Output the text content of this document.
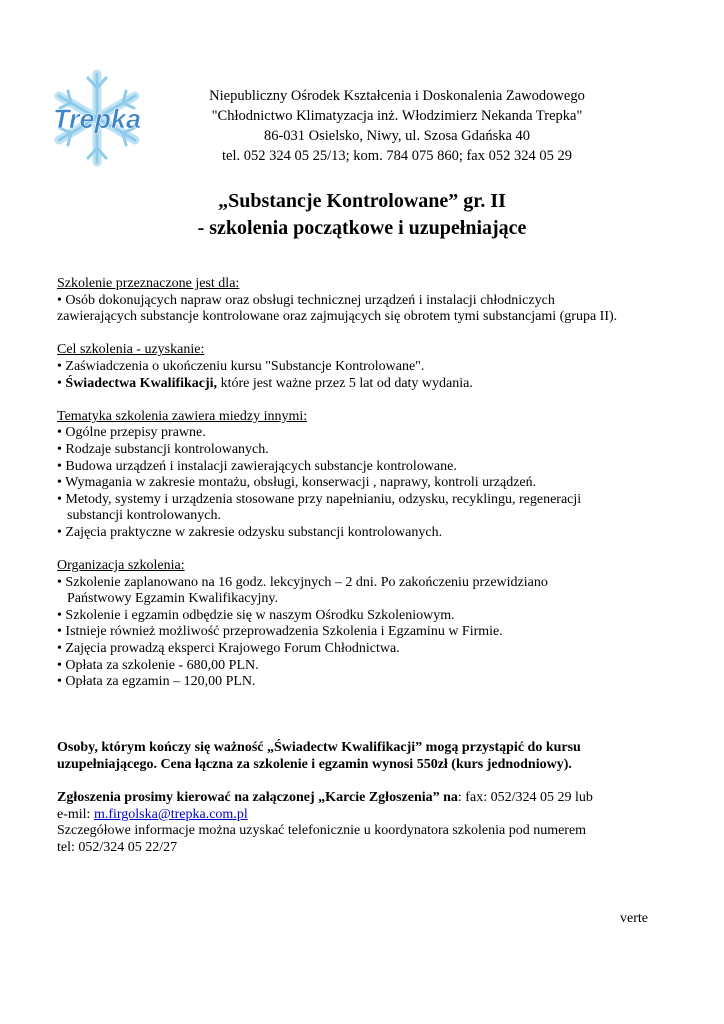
Trepka
Niepubliczny Ośrodek Kształcenia i Doskonalenia Zawodowego
"Chłodnictwo Klimatyzacja inż. Włodzimierz Nekanda Trepka"
86-031 Osielsko, Niwy, ul. Szosa Gdańska 40
tel. 052 324 05 25/13; kom. 784 075 860; fax 052 324 05 29
„Substancje Kontrolowane” gr. II
- szkolenia początkowe i uzupełniające
Szkolenie przeznaczone jest dla:
• Osób dokonujących napraw oraz obsługi technicznej urządzeń i instalacji chłodniczych
zawierających substancje kontrolowane oraz zajmujących się obrotem tymi substancjami (grupa II).
Cel szkolenia - uzyskanie:
• Zaświadczenia o ukończeniu kursu "Substancje Kontrolowane".
• Świadectwa Kwalifikacji, które jest ważne przez 5 lat od daty wydania.
Tematyka szkolenia zawiera miedzy innymi:
• Ogólne przepisy prawne.
• Rodzaje substancji kontrolowanych.
• Budowa urządzeń i instalacji zawierających substancje kontrolowane.
• Wymagania w zakresie montażu, obsługi, konserwacji , naprawy, kontroli urządzeń.
• Metody, systemy i urządzenia stosowane przy napełnianiu, odzysku, recyklingu, regeneracji
substancji kontrolowanych.
• Zajęcia praktyczne w zakresie odzysku substancji kontrolowanych.
Organizacja szkolenia:
• Szkolenie zaplanowano na 16 godz. lekcyjnych – 2 dni. Po zakończeniu przewidziano
Państwowy Egzamin Kwalifikacyjny.
• Szkolenie i egzamin odbędzie się w naszym Ośrodku Szkoleniowym.
• Istnieje również możliwość przeprowadzenia Szkolenia i Egzaminu w Firmie.
• Zajęcia prowadzą eksperci Krajowego Forum Chłodnictwa.
• Opłata za szkolenie - 680,00 PLN.
• Opłata za egzamin – 120,00 PLN.
Osoby, którym kończy się ważność „Świadectw Kwalifikacji” mogą przystąpić do kursu
uzupełniającego. Cena łączna za szkolenie i egzamin wynosi 550zł (kurs jednodniowy).
Zgłoszenia prosimy kierować na załączonej „Karcie Zgłoszenia” na: fax: 052/324 05 29 lub
e-mil: m.firgolska@trepka.com.pl
Szczegółowe informacje można uzyskać telefonicznie u koordynatora szkolenia pod numerem
tel: 052/324 05 22/27
verte
